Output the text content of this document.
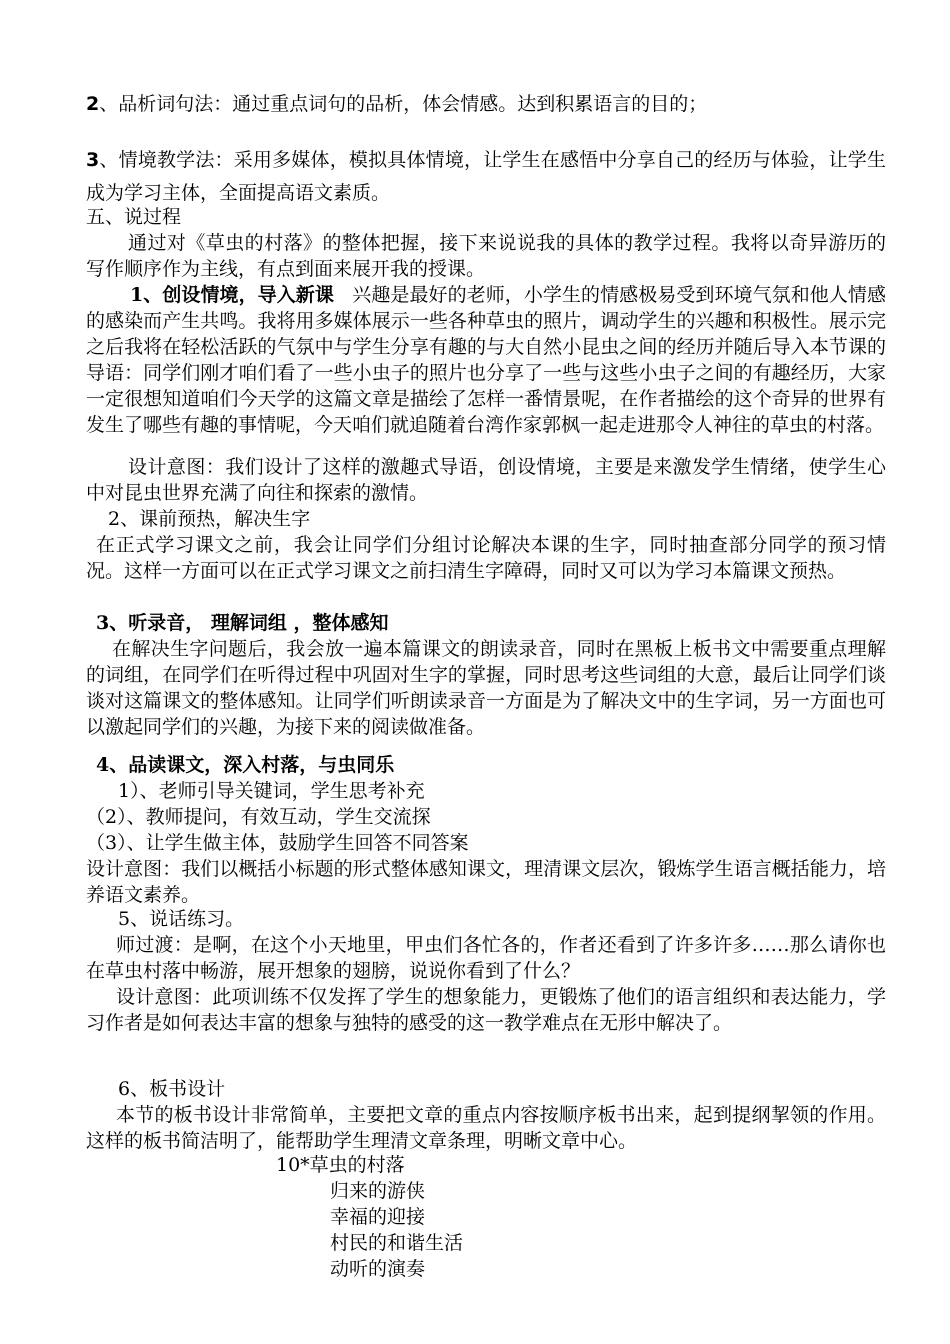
2、品析词句法：通过重点词句的品析，体会情感。达到积累语言的目的；
3、情境教学法：采用多媒体，模拟具体情境，让学生在感悟中分享自己的经历与体验，让学生成为学习主体，全面提高语文素质。
五、说过程
通过对《草虫的村落》的整体把握，接下来说说我的具体的教学过程。我将以奇异游历的写作顺序作为主线，有点到面来展开我的授课。
1、创设情境，导入新课 兴趣是最好的老师，小学生的情感极易受到环境气氛和他人情感的感染而产生共鸣。我将用多媒体展示一些各种草虫的照片，调动学生的兴趣和积极性。展示完之后我将在轻松活跃的气氛中与学生分享有趣的与大自然小昆虫之间的经历并随后导入本节课的导语：同学们刚才咱们看了一些小虫子的照片也分享了一些与这些小虫子之间的有趣经历，大家一定很想知道咱们今天学的这篇文章是描绘了怎样一番情景呢，在作者描绘的这个奇异的世界有发生了哪些有趣的事情呢，今天咱们就追随着台湾作家郭枫一起走进那令人神往的草虫的村落。
设计意图：我们设计了这样的激趣式导语，创设情境，主要是来激发学生情绪，使学生心中对昆虫世界充满了向往和探索的激情。
2、课前预热，解决生字
在正式学习课文之前，我会让同学们分组讨论解决本课的生字，同时抽查部分同学的预习情况。这样一方面可以在正式学习课文之前扫清生字障碍，同时又可以为学习本篇课文预热。
3、听录音， 理解词组 ，整体感知
在解决生字问题后，我会放一遍本篇课文的朗读录音，同时在黑板上板书文中需要重点理解的词组，在同学们在听得过程中巩固对生字的掌握，同时思考这些词组的大意，最后让同学们谈谈对这篇课文的整体感知。让同学们听朗读录音一方面是为了解决文中的生字词，另一方面也可以激起同学们的兴趣，为接下来的阅读做准备。
4、品读课文，深入村落，与虫同乐
1）、老师引导关键词，学生思考补充
（2）、教师提问，有效互动，学生交流探
（3）、让学生做主体，鼓励学生回答不同答案
设计意图：我们以概括小标题的形式整体感知课文，理清课文层次，锻炼学生语言概括能力，培养语文素养。
5、说话练习。
师过渡：是啊，在这个小天地里，甲虫们各忙各的，作者还看到了许多许多……那么请你也在草虫村落中畅游，展开想象的翅膀，说说你看到了什么？
设计意图：此项训练不仅发挥了学生的想象能力，更锻炼了他们的语言组织和表达能力，学习作者是如何表达丰富的想象与独特的感受的这一教学难点在无形中解决了。
6、板书设计
本节的板书设计非常简单，主要把文章的重点内容按顺序板书出来，起到提纲挈领的作用。这样的板书简洁明了，能帮助学生理清文章条理，明晰文章中心。
10*草虫的村落
归来的游侠
幸福的迎接
村民的和谐生活
动听的演奏
